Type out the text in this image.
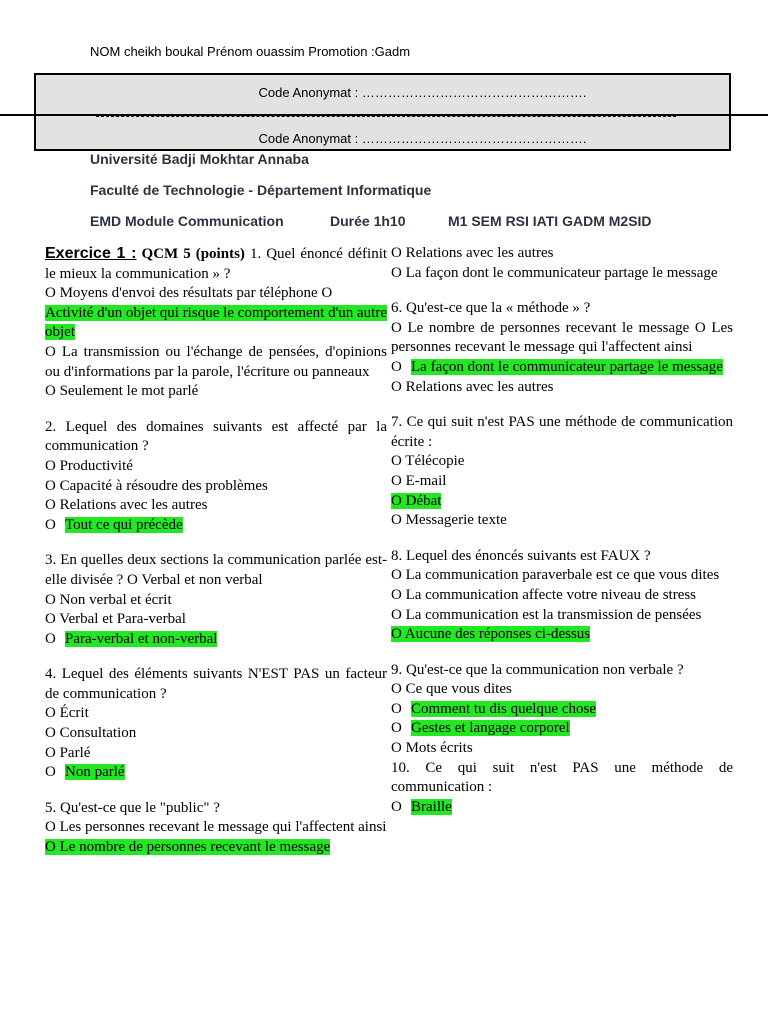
NOM cheikh boukal Prénom ouassim Promotion :Gadm
Code Anonymat : …………………………………………….
Code Anonymat : …………………………………………….
Université Badji Mokhtar Annaba
Faculté de Technologie - Département Informatique
EMD Module Communication	Durée 1h10	M1 SEM RSI IATI GADM M2SID

Exercice 1 : QCM 5 (points) 1. Quel énoncé définit le mieux la communication » ?

O Moyens d'envoi des résultats par téléphone O

Activité d'un objet qui risque le comportement d'un autre objet

O La transmission ou l'échange de pensées, d'opinions ou d'informations par la parole, l'écriture ou panneaux

O Seulement le mot parlé

2. Lequel des domaines suivants est affecté par la communication ?

O Productivité

O Capacité à résoudre des problèmes

O Relations avec les autres

O Tout ce qui précède

3. En quelles deux sections la communication parlée est-elle divisée ? O Verbal et non verbal

O Non verbal et écrit

O Verbal et Para-verbal

O Para-verbal et non-verbal

4. Lequel des éléments suivants N'EST PAS un facteur de communication ?

O Écrit

O Consultation

O Parlé

O Non parlé

5. Qu'est-ce que le "public" ?

O Les personnes recevant le message qui l'affectent ainsi

O Le nombre de personnes recevant le message

O Relations avec les autres

O La façon dont le communicateur partage le message

6. Qu'est-ce que la « méthode » ?

O Le nombre de personnes recevant le message O Les personnes recevant le message qui l'affectent ainsi

O La façon dont le communicateur partage le message

O Relations avec les autres

7. Ce qui suit n'est PAS une méthode de communication écrite :

O Télécopie

O E-mail

O Débat

O Messagerie texte

8. Lequel des énoncés suivants est FAUX ?

O La communication paraverbale est ce que vous dites

O La communication affecte votre niveau de stress

O La communication est la transmission de pensées

O Aucune des réponses ci-dessus

9. Qu'est-ce que la communication non verbale ?

O Ce que vous dites

O Comment tu dis quelque chose

O Gestes et langage corporel

O Mots écrits

10. Ce qui suit n'est PAS une méthode de communication :

O Braille
